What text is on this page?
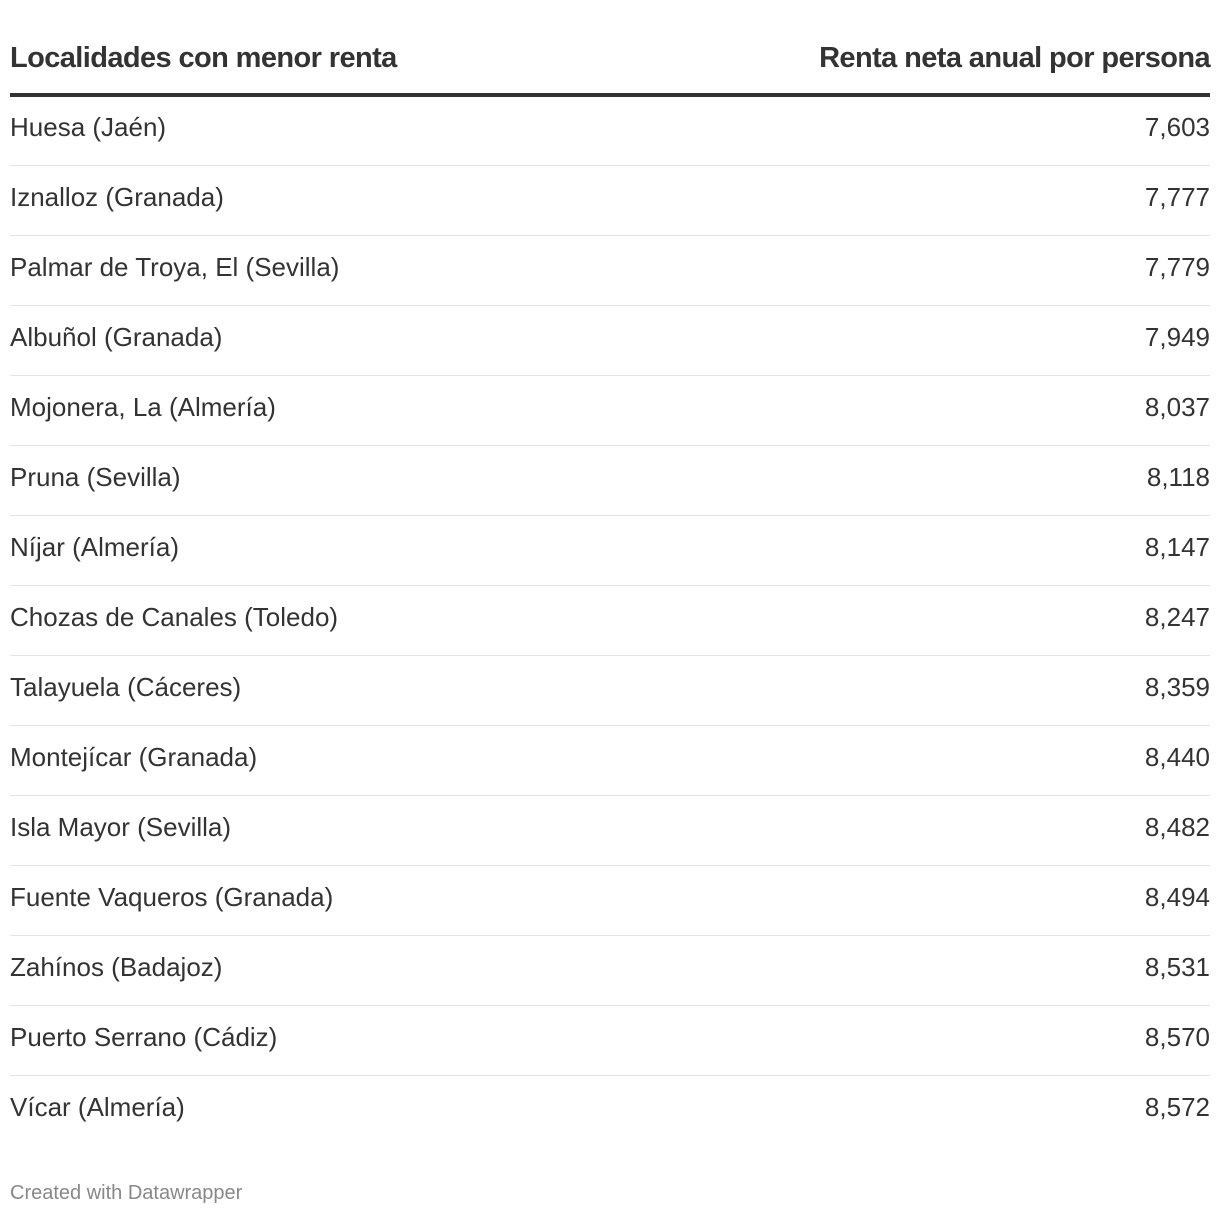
Localidades con menor renta	Renta neta anual por persona
Huesa (Jaén)	7,603
Iznalloz (Granada)	7,777
Palmar de Troya, El (Sevilla)	7,779
Albuñol (Granada)	7,949
Mojonera, La (Almería)	8,037
Pruna (Sevilla)	8,118
Níjar (Almería)	8,147
Chozas de Canales (Toledo)	8,247
Talayuela (Cáceres)	8,359
Montejícar (Granada)	8,440
Isla Mayor (Sevilla)	8,482
Fuente Vaqueros (Granada)	8,494
Zahínos (Badajoz)	8,531
Puerto Serrano (Cádiz)	8,570
Vícar (Almería)	8,572
Created with Datawrapper
